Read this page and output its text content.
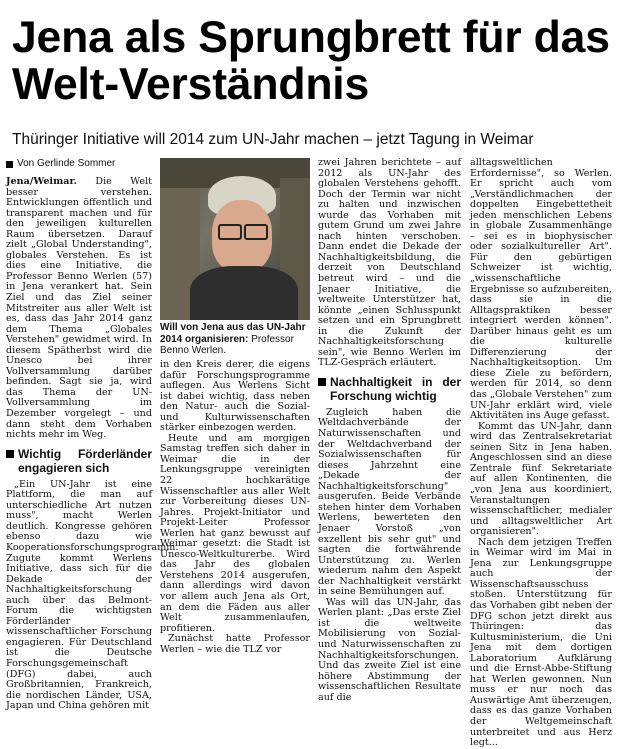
Jena als Sprungbrett für das Welt-Verständnis
Thüringer Initiative will 2014 zum UN-Jahr machen – jetzt Tagung in Weimar
Von Gerlinde Sommer

Jena/Weimar. Die Welt besser verstehen. Entwicklungen öffentlich und transparent machen und für den jeweiligen kulturellen Raum übersetzen. Darauf zielt „Global Understanding", globales Verstehen. Es ist dies eine Initiative, die Professor Benno Werlen (57) in Jena verankert hat. Sein Ziel und das Ziel seiner Mitstreiter aus aller Welt ist es, dass das Jahr 2014 ganz dem Thema „Globales Verstehen" gewidmet wird. In diesem Spätherbst wird die Unesco bei ihrer Vollversammlung darüber befinden. Sagt sie ja, wird das Thema der UN-Vollversammlung im Dezember vorgelegt – und dann steht dem Vorhaben nichts mehr im Weg.

Wichtig Förderländer engagieren sich

„Ein UN-Jahr ist eine Plattform, die man auf unterschiedliche Art nutzen muss", macht Werlen deutlich. Kongresse gehören ebenso dazu wie Kooperationsforschungsprogramm. Zugute kommt Werlens Initiative, dass sich für die Dekade der Nachhaltigkeitsforschung auch über das Belmont-Forum die wichtigsten Förderländer wissenschaftlicher Forschung engagieren. Für Deutschland ist die Deutsche Forschungsgemeinschaft (DFG) dabei, auch Großbritannien, Frankreich, die nordischen Länder, USA, Japan und China gehören mit

Will von Jena aus das UN-Jahr 2014 organisieren: Professor Benno Werlen.

in den Kreis derer, die eigens dafür Forschungsprogramme auflegen. Aus Werlens Sicht ist dabei wichtig, dass neben den Natur- auch die Sozial- und Kulturwissenschaften stärker einbezogen werden.

Heute und am morgigen Samstag treffen sich daher in Weimar die in der Lenkungsgruppe vereinigten 22 hochkarätige Wissenschaftler aus aller Welt zur Vorbereitung dieses UN-Jahres. Projekt-Initiator und Projekt-Leiter Professor Werlen hat ganz bewusst auf Weimar gesetzt: die Stadt ist Unesco-Weltkulturerbe. Wird das Jahr des globalen Verstehens 2014 ausgerufen, dann allerdings wird davon vor allem auch Jena als Ort, an dem die Fäden aus aller Welt zusammenlaufen, profitieren.

Zunächst hatte Professor Werlen – wie die TLZ vor

zwei Jahren berichtete – auf 2012 als UN-Jahr des globalen Verstehens gehofft. Doch der Termin war nicht zu halten und inzwischen wurde das Vorhaben mit gutem Grund um zwei Jahre nach hinten verschoben. Dann endet die Dekade der Nachhaltigkeitsbildung, die derzeit von Deutschland betreut wird – und die Jenaer Initiative, die weltweite Unterstützer hat, könnte „einen Schlusspunkt setzen und ein Sprungbrett in die Zukunft der Nachhaltigkeitsforschung sein", wie Benno Werlen im TLZ-Gespräch erläutert.

Nachhaltigkeit in der Forschung wichtig

Zugleich haben die Weltdachverbände der Naturwissenschaften und der Weltdachverband der Sozialwissenschaften für dieses Jahrzehnt eine „Dekade der Nachhaltigkeitsforschung" ausgerufen. Beide Verbände stehen hinter dem Vorhaben Werlens, bewerteten den Jenaer Vorstoß „von exzellent bis sehr gut" und sagten die fortwährende Unterstützung zu. Werlen wiederum nahm den Aspekt der Nachhaltigkeit verstärkt in seine Bemühungen auf.

Was will das UN-Jahr, das Werlen plant: „Das erste Ziel ist die weltweite Mobilisierung von Sozial- und Naturwissenschaften zu Nachhaltigkeitsforschungen. Und das zweite Ziel ist eine höhere Abstimmung der wissenschaftlichen Resultate auf die

alltagsweltlichen Erfordernisse", so Werlen. Er spricht auch vom „Verständlichmachen der doppelten Eingebettetheit jeden menschlichen Lebens in globale Zusammenhänge – sei es in biophysischer oder sozialkultureller Art". Für den gebürtigen Schweizer ist wichtig, „wissenschaftliche Ergebnisse so aufzubereiten, dass sie in die Alltagspraktiken besser integriert werden können". Darüber hinaus geht es um die kulturelle Differenzierung der Nachhaltigkeitsoption. Um diese Ziele zu befördern, werden für 2014, so denn das „Globale Verstehen" zum UN-Jahr erklärt wird, viele Aktivitäten ins Auge gefasst.

Kommt das UN-Jahr, dann wird das Zentralsekretariat seinen Sitz in Jena haben. Angeschlossen sind an diese Zentrale fünf Sekretariate auf allen Kontinenten, die „von Jena aus koordiniert, Veranstaltungen wissenschaftlicher, medialer und alltagsweltlicher Art organisieren".

Nach dem jetzigen Treffen in Weimar wird im Mai in Jena zur Lenkungsgruppe auch der Wissenschaftsausschuss stoßen. Unterstützung für das Vorhaben gibt neben der DFG schon jetzt direkt aus Thüringen: das Kultusministerium, die Uni Jena mit dem dortigen Laboratorium Aufklärung und die Ernst-Abbe-Stiftung hat Werlen gewonnen. Nun muss er nur noch das Auswärtige Amt überzeugen, dass es das ganze Vorhaben der Weltgemeinschaft unterbreitet und aus Herz legt...
